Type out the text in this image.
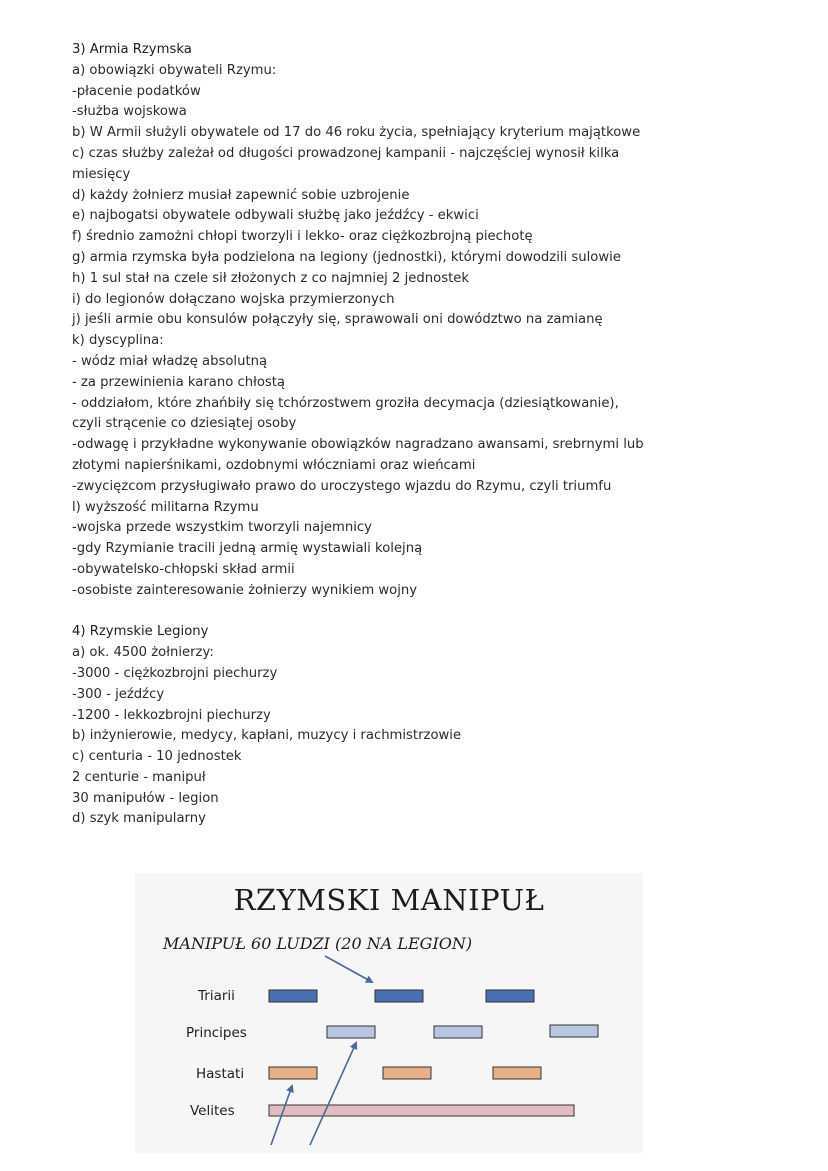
3) Armia Rzymska
a) obowiązki obywateli Rzymu:
-płacenie podatków
-służba wojskowa
b) W Armii służyli obywatele od 17 do 46 roku życia, spełniający kryterium majątkowe
c) czas służby zależał od długości prowadzonej kampanii - najczęściej wynosił kilka
miesięcy
d) każdy żołnierz musiał zapewnić sobie uzbrojenie
e) najbogatsi obywatele odbywali służbę jako jeźdźcy - ekwici
f) średnio zamożni chłopi tworzyli i lekko- oraz ciężkozbrojną piechotę
g) armia rzymska była podzielona na legiony (jednostki), którymi dowodzili sulowie
h) 1 sul stał na czele sił złożonych z co najmniej 2 jednostek
i) do legionów dołączano wojska przymierzonych
j) jeśli armie obu konsulów połączyły się, sprawowali oni dowództwo na zamianę
k) dyscyplina:
- wódz miał władzę absolutną
- za przewinienia karano chłostą
- oddziałom, które zhańbiły się tchórzostwem groziła decymacja (dziesiątkowanie),
czyli strącenie co dziesiątej osoby
-odwagę i przykładne wykonywanie obowiązków nagradzano awansami, srebrnymi lub
złotymi napierśnikami, ozdobnymi włóczniami oraz wieńcami
-zwycięzcom przysługiwało prawo do uroczystego wjazdu do Rzymu, czyli triumfu
l) wyższość militarna Rzymu
-wojska przede wszystkim tworzyli najemnicy
-gdy Rzymianie tracili jedną armię wystawiali kolejną
-obywatelsko-chłopski skład armii
-osobiste zainteresowanie żołnierzy wynikiem wojny
4) Rzymskie Legiony
a) ok. 4500 żołnierzy:
-3000 - ciężkozbrojni piechurzy
-300 - jeźdźcy
-1200 - lekkozbrojni piechurzy
b) inżynierowie, medycy, kapłani, muzycy i rachmistrzowie
c) centuria - 10 jednostek
2 centurie - manipuł
30 manipułów - legion
d) szyk manipularny
RZYMSKI MANIPUŁ
MANIPUŁ 60 LUDZI (20 NA LEGION)
Triarii
Principes
Hastati
Velites
